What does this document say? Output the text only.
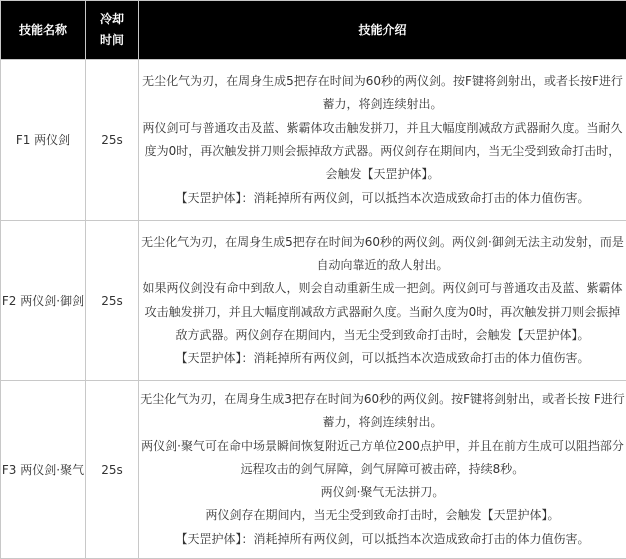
技能名称	冷却时间	技能介绍
F1 两仪剑	25s	无尘化气为刃，在周身生成5把存在时间为60秒的两仪剑。按F键将剑射出，或者长按F进行蓄力，将剑连续射出。

两仪剑可与普通攻击及蓝、紫霸体攻击触发拼刀，并且大幅度削减敌方武器耐久度。当耐久度为0时，再次触发拼刀则会振掉敌方武器。两仪剑存在期间内，当无尘受到致命打击时，会触发【天罡护体】。

【天罡护体】：消耗掉所有两仪剑，可以抵挡本次造成致命打击的体力值伤害。

F2 两仪剑·御剑	25s	无尘化气为刃，在周身生成5把存在时间为60秒的两仪剑。两仪剑·御剑无法主动发射，而是自动向靠近的敌人射出。

如果两仪剑没有命中到敌人，则会自动重新生成一把剑。两仪剑可与普通攻击及蓝、紫霸体攻击触发拼刀，并且大幅度削减敌方武器耐久度。当耐久度为0时，再次触发拼刀则会振掉敌方武器。两仪剑存在期间内，当无尘受到致命打击时，会触发【天罡护体】。

【天罡护体】：消耗掉所有两仪剑，可以抵挡本次造成致命打击的体力值伤害。

F3 两仪剑·聚气	25s	无尘化气为刃，在周身生成3把存在时间为60秒的两仪剑。按F键将剑射出，或者长按 F进行蓄力，将剑连续射出。

两仪剑·聚气可在命中场景瞬间恢复附近己方单位200点护甲，并且在前方生成可以阻挡部分远程攻击的剑气屏障，剑气屏障可被击碎，持续8秒。

两仪剑·聚气无法拼刀。

两仪剑存在期间内，当无尘受到致命打击时，会触发【天罡护体】。

【天罡护体】：消耗掉所有两仪剑，可以抵挡本次造成致命打击的体力值伤害。
